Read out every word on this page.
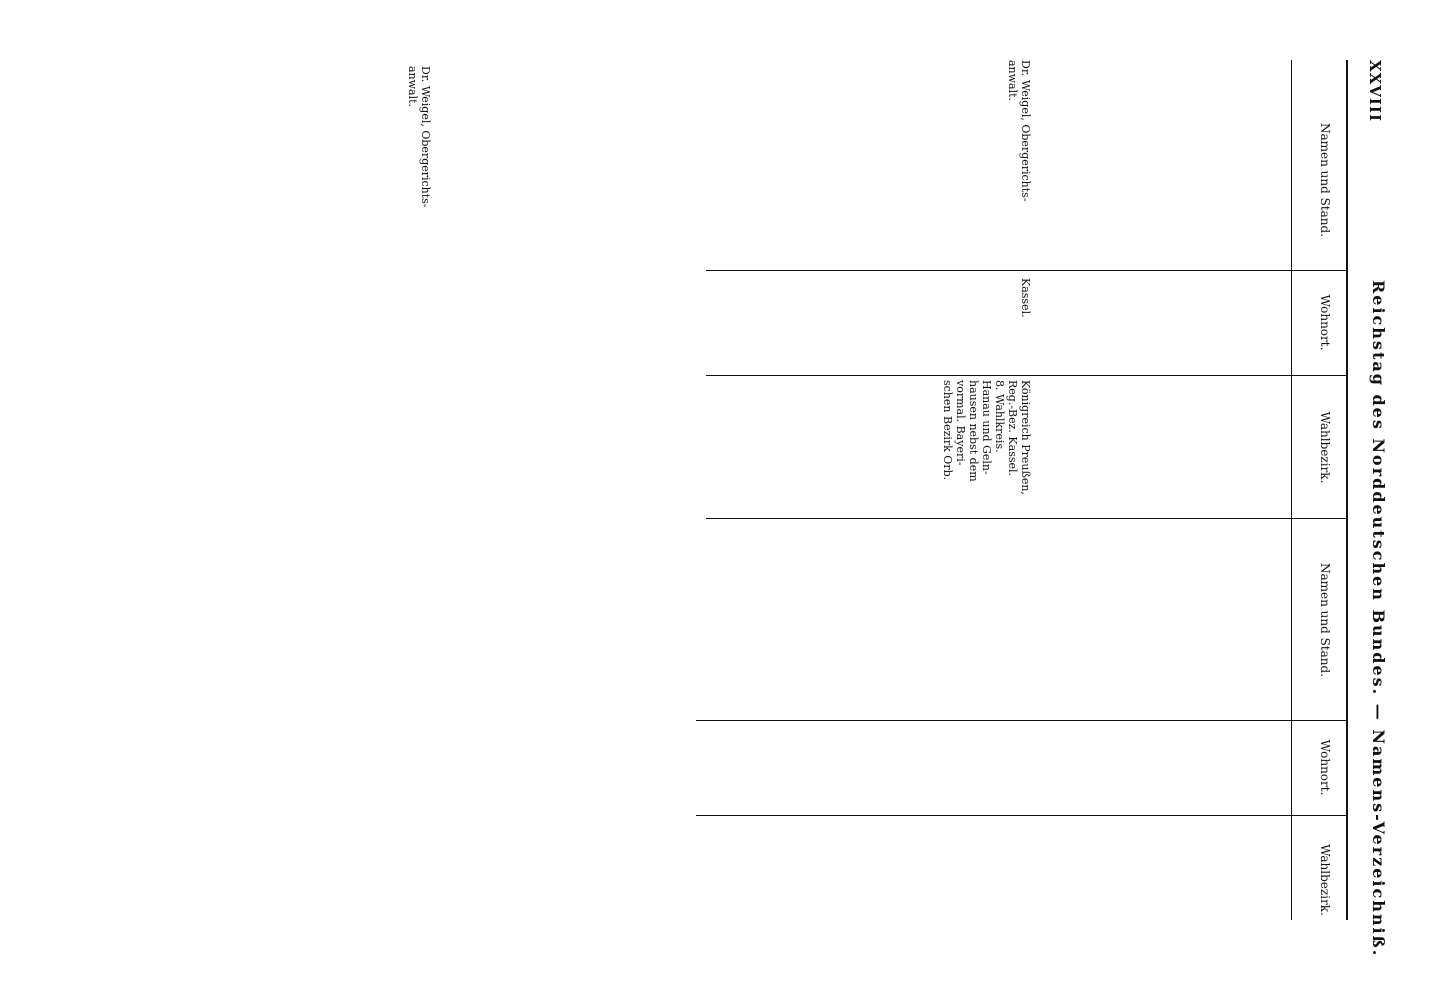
XXVIII
Reichstag des Norddeutschen Bundes. — Namens-Verzeichniß.
Namen und Stand.
Wohnort.
Wahlbezirk.
Namen und Stand.
Wohnort.
Wahlbezirk.
Dr. Weigel, Obergerichts-
anwalt.	Dr. Weigel, Obergerichts-
anwalt.
Kassel.
Königreich Preußen,
Reg.-Bez. Kassel.
8. Wahlkreis.
Hanau und Geln-
hausen nebst dem
vormal. Bayeri-
schen Bezirk Orb.
